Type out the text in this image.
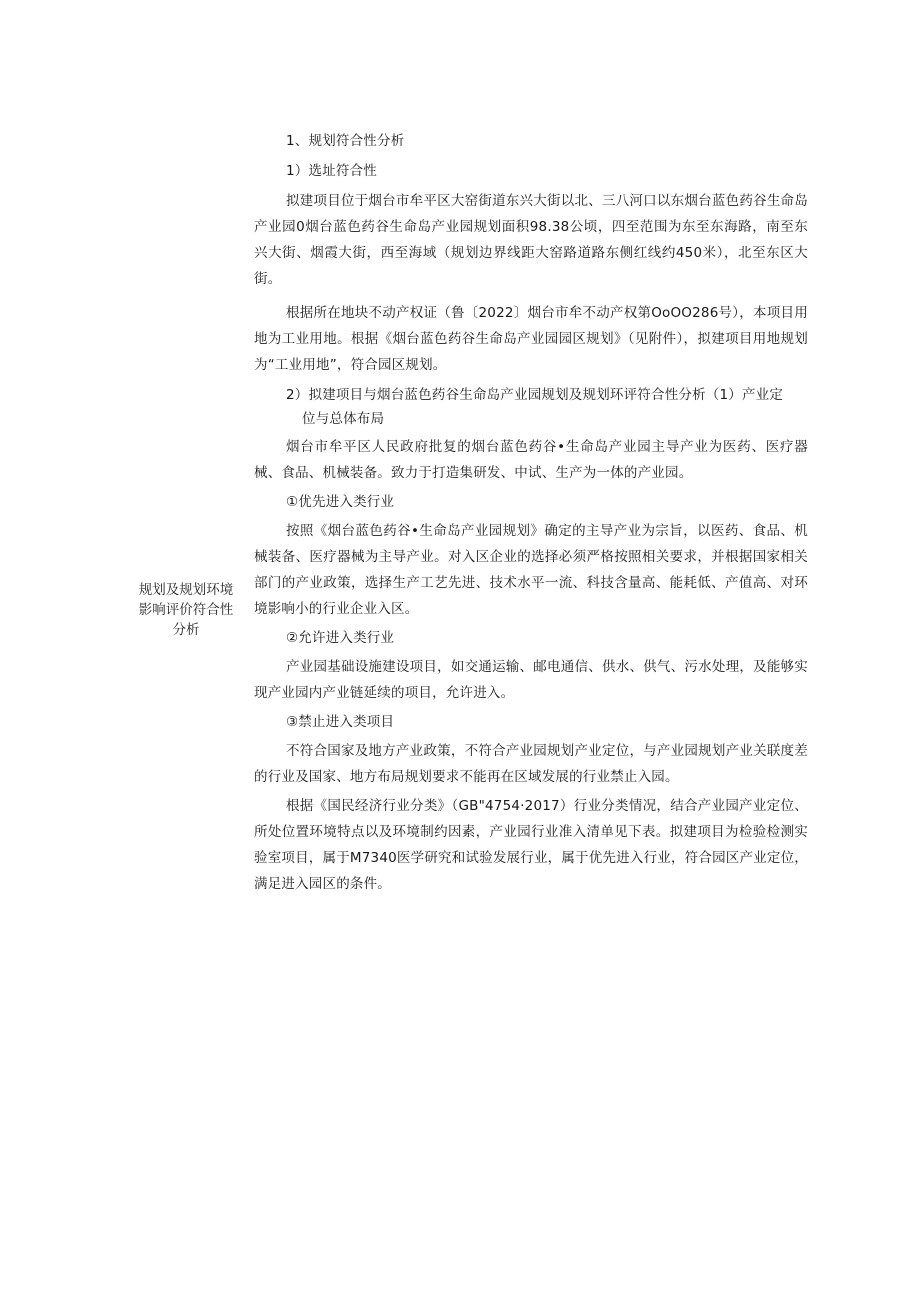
规划及规划环境影响评价符合性分析

1、规划符合性分析

1）选址符合性

拟建项目位于烟台市牟平区大窑街道东兴大街以北、三八河口以东烟台蓝色药谷生命岛产业园0烟台蓝色药谷生命岛产业园规划面积98.38公顷，四至范围为东至东海路，南至东兴大街、烟霞大街，西至海域（规划边界线距大窑路道路东侧红线约450米），北至东区大街。

根据所在地块不动产权证（鲁〔2022〕烟台市牟不动产权第OoOO286号），本项目用地为工业用地。根据《烟台蓝色药谷生命岛产业园园区规划》（见附件），拟建项目用地规划为“工业用地”，符合园区规划。

2）拟建项目与烟台蓝色药谷生命岛产业园规划及规划环评符合性分析（1）产业定

位与总体布局

烟台市牟平区人民政府批复的烟台蓝色药谷•生命岛产业园主导产业为医药、医疗器械、食品、机械装备。致力于打造集研发、中试、生产为一体的产业园。

①优先进入类行业

按照《烟台蓝色药谷•生命岛产业园规划》确定的主导产业为宗旨，以医药、食品、机械装备、医疗器械为主导产业。对入区企业的选择必须严格按照相关要求，并根据国家相关部门的产业政策，选择生产工艺先进、技术水平一流、科技含量高、能耗低、产值高、对环境影响小的行业企业入区。

②允许进入类行业

产业园基础设施建设项目，如交通运输、邮电通信、供水、供气、污水处理，及能够实现产业园内产业链延续的项目，允许进入。

③禁止进入类项目

不符合国家及地方产业政策，不符合产业园规划产业定位，与产业园规划产业关联度差的行业及国家、地方布局规划要求不能再在区域发展的行业禁止入园。

根据《国民经济行业分类》（GB"4754·2017）行业分类情况，结合产业园产业定位、所处位置环境特点以及环境制约因素，产业园行业准入清单见下表。拟建项目为检验检测实验室项目，属于M7340医学研究和试验发展行业，属于优先进入行业，符合园区产业定位，满足进入园区的条件。
